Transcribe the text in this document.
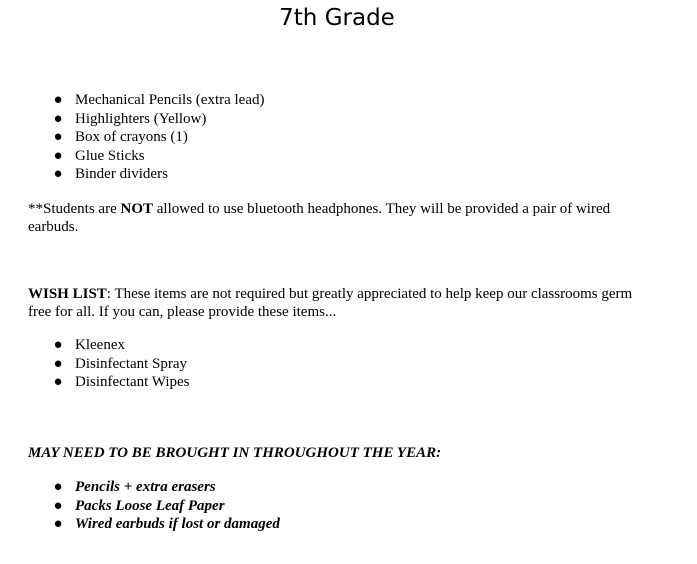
7th Grade
● Mechanical Pencils (extra lead)
● Highlighters (Yellow)
● Box of crayons (1)
● Glue Sticks
● Binder dividers

**Students are NOT allowed to use bluetooth headphones. They will be provided a pair of wired earbuds.

WISH LIST: These items are not required but greatly appreciated to help keep our classrooms germ free for all. If you can, please provide these items...

● Kleenex
● Disinfectant Spray
● Disinfectant Wipes

MAY NEED TO BE BROUGHT IN THROUGHOUT THE YEAR:

● Pencils + extra erasers
● Packs Loose Leaf Paper
● Wired earbuds if lost or damaged
